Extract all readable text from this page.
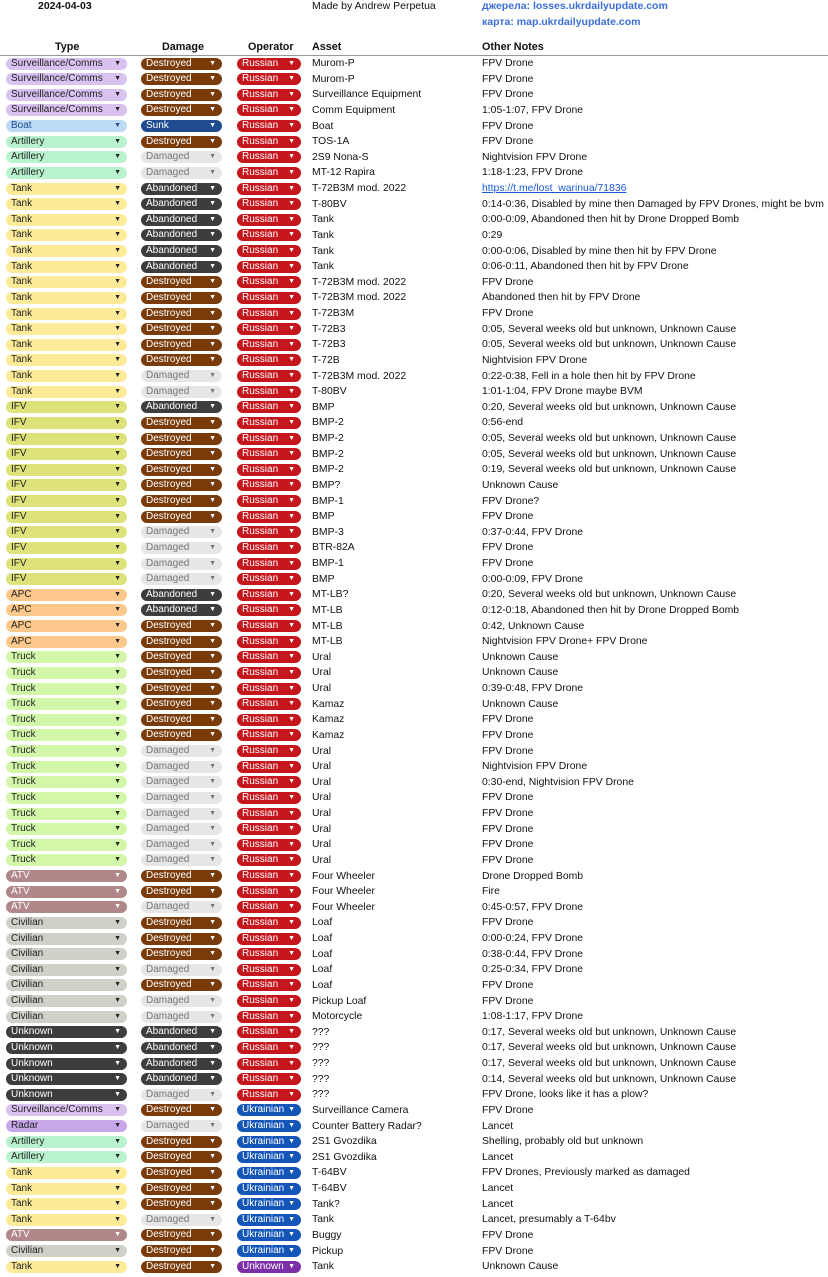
2024-04-03	Made by Andrew Perpetua	джерела: losses.ukrdailyupdate.com
карта: map.ukrdailyupdate.com
Type	Damage	Operator Asset	Other Notes
Surveillance/Comms ▼	Destroyed ▼	Russian ▼ Murom-P	FPV Drone
Surveillance/Comms ▼	Destroyed ▼	Russian ▼ Murom-P	FPV Drone
Surveillance/Comms ▼	Destroyed ▼	Russian ▼ Surveillance Equipment	FPV Drone
Surveillance/Comms ▼	Destroyed ▼	Russian ▼ Comm Equipment	1:05-1:07, FPV Drone
Boat	▼	Sunk	▼	Russian ▼ Boat	FPV Drone
Artillery	▼	Destroyed ▼	Russian ▼ TOS-1A	FPV Drone
Artillery	▼	Damaged	▼	Russian ▼ 2S9 Nona-S	Nightvision FPV Drone
Artillery	▼	Damaged	▼	Russian ▼ MT-12 Rapira	1:18-1:23, FPV Drone
Tank	▼	Abandoned ▼	Russian ▼ T-72B3M mod. 2022	https://t.me/lost_warinua/71836
Tank	▼	Abandoned ▼	Russian ▼ T-80BV	0:14-0:36, Disabled by mine then Damaged by FPV Drones, might be bvm
Tank	▼	Abandoned ▼	Russian ▼ Tank	0:00-0:09, Abandoned then hit by Drone Dropped Bomb
Tank	▼	Abandoned ▼	Russian ▼ Tank	0:29
Tank	▼	Abandoned ▼	Russian ▼ Tank	0:00-0:06, Disabled by mine then hit by FPV Drone
Tank	▼	Abandoned ▼	Russian ▼ Tank	0:06-0:11, Abandoned then hit by FPV Drone
Tank	▼	Destroyed ▼	Russian ▼ T-72B3M mod. 2022	FPV Drone
Tank	▼	Destroyed ▼	Russian ▼ T-72B3M mod. 2022	Abandoned then hit by FPV Drone
Tank	▼	Destroyed ▼	Russian ▼ T-72B3M	FPV Drone
Tank	▼	Destroyed ▼	Russian ▼ T-72B3	0:05, Several weeks old but unknown, Unknown Cause
Tank	▼	Destroyed ▼	Russian ▼ T-72B3	0:05, Several weeks old but unknown, Unknown Cause
Tank	▼	Destroyed ▼	Russian ▼ T-72B	Nightvision FPV Drone
Tank	▼	Damaged	▼	Russian ▼ T-72B3M mod. 2022	0:22-0:38, Fell in a hole then hit by FPV Drone
Tank	▼	Damaged	▼	Russian ▼ T-80BV	1:01-1:04, FPV Drone maybe BVM
IFV	▼	Abandoned ▼	Russian ▼ BMP	0:20, Several weeks old but unknown, Unknown Cause
IFV	▼	Destroyed ▼	Russian ▼ BMP-2	0:56-end
IFV	▼	Destroyed ▼	Russian ▼ BMP-2	0:05, Several weeks old but unknown, Unknown Cause
IFV	▼	Destroyed ▼	Russian ▼ BMP-2	0:05, Several weeks old but unknown, Unknown Cause
IFV	▼	Destroyed ▼	Russian ▼ BMP-2	0:19, Several weeks old but unknown, Unknown Cause
IFV	▼	Destroyed ▼	Russian ▼ BMP?	Unknown Cause
IFV	▼	Destroyed ▼	Russian ▼ BMP-1	FPV Drone?
IFV	▼	Destroyed ▼	Russian ▼ BMP	FPV Drone
IFV	▼	Damaged	▼	Russian ▼ BMP-3	0:37-0:44, FPV Drone
IFV	▼	Damaged	▼	Russian ▼ BTR-82A	FPV Drone
IFV	▼	Damaged	▼	Russian ▼ BMP-1	FPV Drone
IFV	▼	Damaged	▼	Russian ▼ BMP	0:00-0:09, FPV Drone
APC	▼	Abandoned ▼	Russian ▼ MT-LB?	0:20, Several weeks old but unknown, Unknown Cause
APC	▼	Abandoned ▼	Russian ▼ MT-LB	0:12-0:18, Abandoned then hit by Drone Dropped Bomb
APC	▼	Destroyed ▼	Russian ▼ MT-LB	0:42, Unknown Cause
APC	▼	Destroyed ▼	Russian ▼ MT-LB	Nightvision FPV Drone+ FPV Drone
Truck	▼	Destroyed ▼	Russian ▼ Ural	Unknown Cause
Truck	▼	Destroyed ▼	Russian ▼ Ural	Unknown Cause
Truck	▼	Destroyed ▼	Russian ▼ Ural	0:39-0:48, FPV Drone
Truck	▼	Destroyed ▼	Russian ▼ Kamaz	Unknown Cause
Truck	▼	Destroyed ▼	Russian ▼ Kamaz	FPV Drone
Truck	▼	Destroyed ▼	Russian ▼ Kamaz	FPV Drone
Truck	▼	Damaged	▼	Russian ▼ Ural	FPV Drone
Truck	▼	Damaged	▼	Russian ▼ Ural	Nightvision FPV Drone
Truck	▼	Damaged	▼	Russian ▼ Ural	0:30-end, Nightvision FPV Drone
Truck	▼	Damaged	▼	Russian ▼ Ural	FPV Drone
Truck	▼	Damaged	▼	Russian ▼ Ural	FPV Drone
Truck	▼	Damaged	▼	Russian ▼ Ural	FPV Drone
Truck	▼	Damaged	▼	Russian ▼ Ural	FPV Drone
Truck	▼	Damaged	▼	Russian ▼ Ural	FPV Drone
ATV	▼	Destroyed ▼	Russian ▼ Four Wheeler	Drone Dropped Bomb
ATV	▼	Destroyed ▼	Russian ▼ Four Wheeler	Fire
ATV	▼	Damaged	▼	Russian ▼ Four Wheeler	0:45-0:57, FPV Drone
Civilian	▼	Destroyed ▼	Russian ▼ Loaf	FPV Drone
Civilian	▼	Destroyed ▼	Russian ▼ Loaf	0:00-0:24, FPV Drone
Civilian	▼	Destroyed ▼	Russian ▼ Loaf	0:38-0:44, FPV Drone
Civilian	▼	Damaged	▼	Russian ▼ Loaf	0:25-0:34, FPV Drone
Civilian	▼	Destroyed ▼	Russian ▼ Loaf	FPV Drone
Civilian	▼	Damaged	▼	Russian ▼ Pickup Loaf	FPV Drone
Civilian	▼	Damaged	▼	Russian ▼ Motorcycle	1:08-1:17, FPV Drone
Unknown	▼	Abandoned ▼	Russian ▼ ???	0:17, Several weeks old but unknown, Unknown Cause
Unknown	▼	Abandoned ▼	Russian ▼ ???	0:17, Several weeks old but unknown, Unknown Cause
Unknown	▼	Abandoned ▼	Russian ▼ ???	0:17, Several weeks old but unknown, Unknown Cause
Unknown	▼	Abandoned ▼	Russian ▼ ???	0:14, Several weeks old but unknown, Unknown Cause
Unknown	▼	Damaged	▼	Russian ▼ ???	FPV Drone, looks like it has a plow?
Surveillance/Comms ▼	Destroyed ▼	Ukrainian ▼ Surveillance Camera	FPV Drone
Radar	▼	Damaged	▼	Ukrainian ▼ Counter Battery Radar?	Lancet
Artillery	▼	Destroyed ▼	Ukrainian ▼ 2S1 Gvozdika	Shelling, probably old but unknown
Artillery	▼	Destroyed ▼	Ukrainian ▼ 2S1 Gvozdika	Lancet
Tank	▼	Destroyed ▼	Ukrainian ▼ T-64BV	FPV Drones, Previously marked as damaged
Tank	▼	Destroyed ▼	Ukrainian ▼ T-64BV	Lancet
Tank	▼	Destroyed ▼	Ukrainian ▼ Tank?	Lancet
Tank	▼	Damaged	▼	Ukrainian ▼ Tank	Lancet, presumably a T-64bv
ATV	▼	Destroyed ▼	Ukrainian ▼ Buggy	FPV Drone
Civilian	▼	Destroyed ▼	Ukrainian ▼ Pickup	FPV Drone
Tank	▼	Destroyed ▼	Unknown ▼ Tank	Unknown Cause
